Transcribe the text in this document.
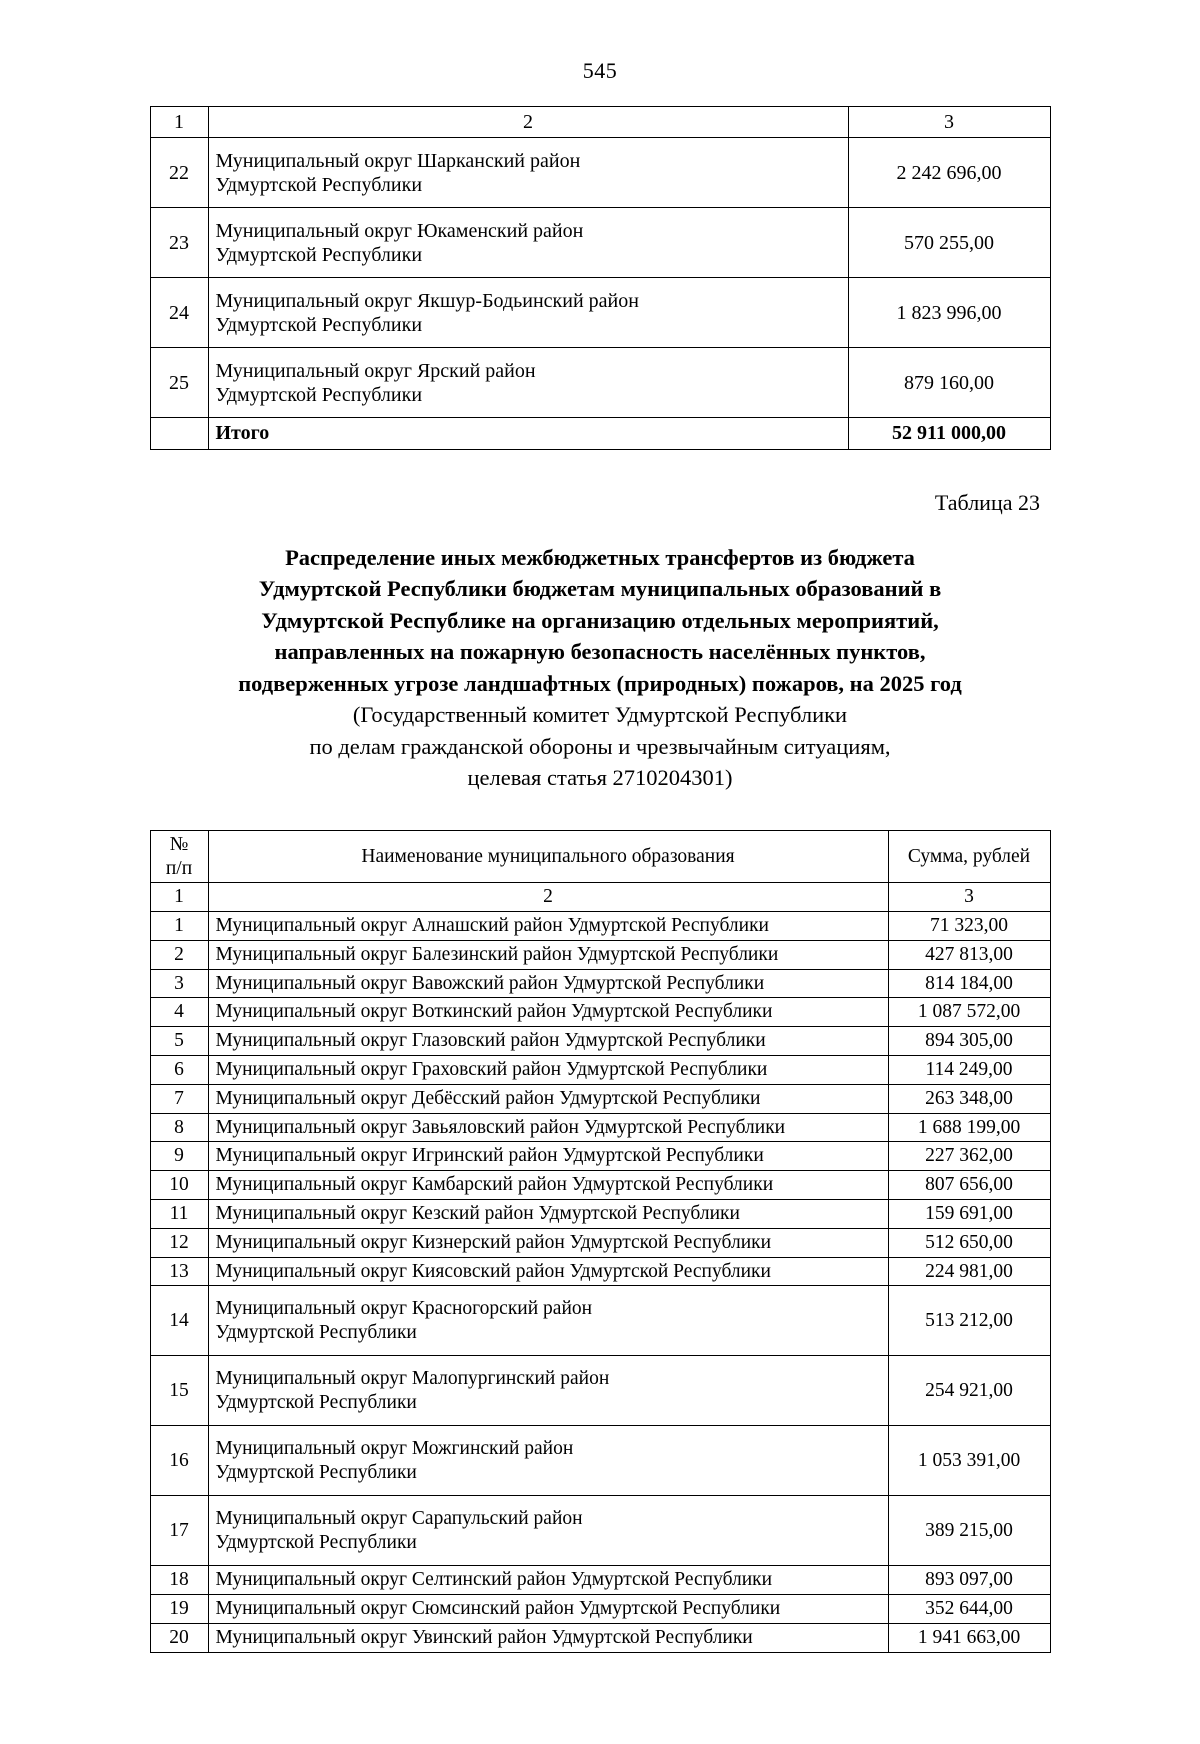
545
1	2	3
22	Муниципальный округ Шарканский район
Удмуртской Республики	2 242 696,00
23	Муниципальный округ Юкаменский район
Удмуртской Республики	570 255,00
24	Муниципальный округ Якшур-Бодьинский район
Удмуртской Республики	1 823 996,00
25	Муниципальный округ Ярский район
Удмуртской Республики	879 160,00
	Итого	52 911 000,00
Таблица 23
Распределение иных межбюджетных трансфертов из бюджета
Удмуртской Республики бюджетам муниципальных образований в
Удмуртской Республике на организацию отдельных мероприятий,
направленных на пожарную безопасность населённых пунктов,
подверженных угрозе ландшафтных (природных) пожаров, на 2025 год
(Государственный комитет Удмуртской Республики
по делам гражданской обороны и чрезвычайным ситуациям,
целевая статья 2710204301)
№
п/п	Наименование муниципального образования	Сумма, рублей
1	2	3
1	Муниципальный округ Алнашский район Удмуртской Республики	71 323,00
2	Муниципальный округ Балезинский район Удмуртской Республики	427 813,00
3	Муниципальный округ Вавожский район Удмуртской Республики	814 184,00
4	Муниципальный округ Воткинский район Удмуртской Республики	1 087 572,00
5	Муниципальный округ Глазовский район Удмуртской Республики	894 305,00
6	Муниципальный округ Граховский район Удмуртской Республики	114 249,00
7	Муниципальный округ Дебёсский район Удмуртской Республики	263 348,00
8	Муниципальный округ Завьяловский район Удмуртской Республики	1 688 199,00
9	Муниципальный округ Игринский район Удмуртской Республики	227 362,00
10	Муниципальный округ Камбарский район Удмуртской Республики	807 656,00
11	Муниципальный округ Кезский район Удмуртской Республики	159 691,00
12	Муниципальный округ Кизнерский район Удмуртской Республики	512 650,00
13	Муниципальный округ Киясовский район Удмуртской Республики	224 981,00
14	Муниципальный округ Красногорский район
Удмуртской Республики	513 212,00
15	Муниципальный округ Малопургинский район
Удмуртской Республики	254 921,00
16	Муниципальный округ Можгинский район
Удмуртской Республики	1 053 391,00
17	Муниципальный округ Сарапульский район
Удмуртской Республики	389 215,00
18	Муниципальный округ Селтинский район Удмуртской Республики	893 097,00
19	Муниципальный округ Сюмсинский район Удмуртской Республики	352 644,00
20	Муниципальный округ Увинский район Удмуртской Республики	1 941 663,00
